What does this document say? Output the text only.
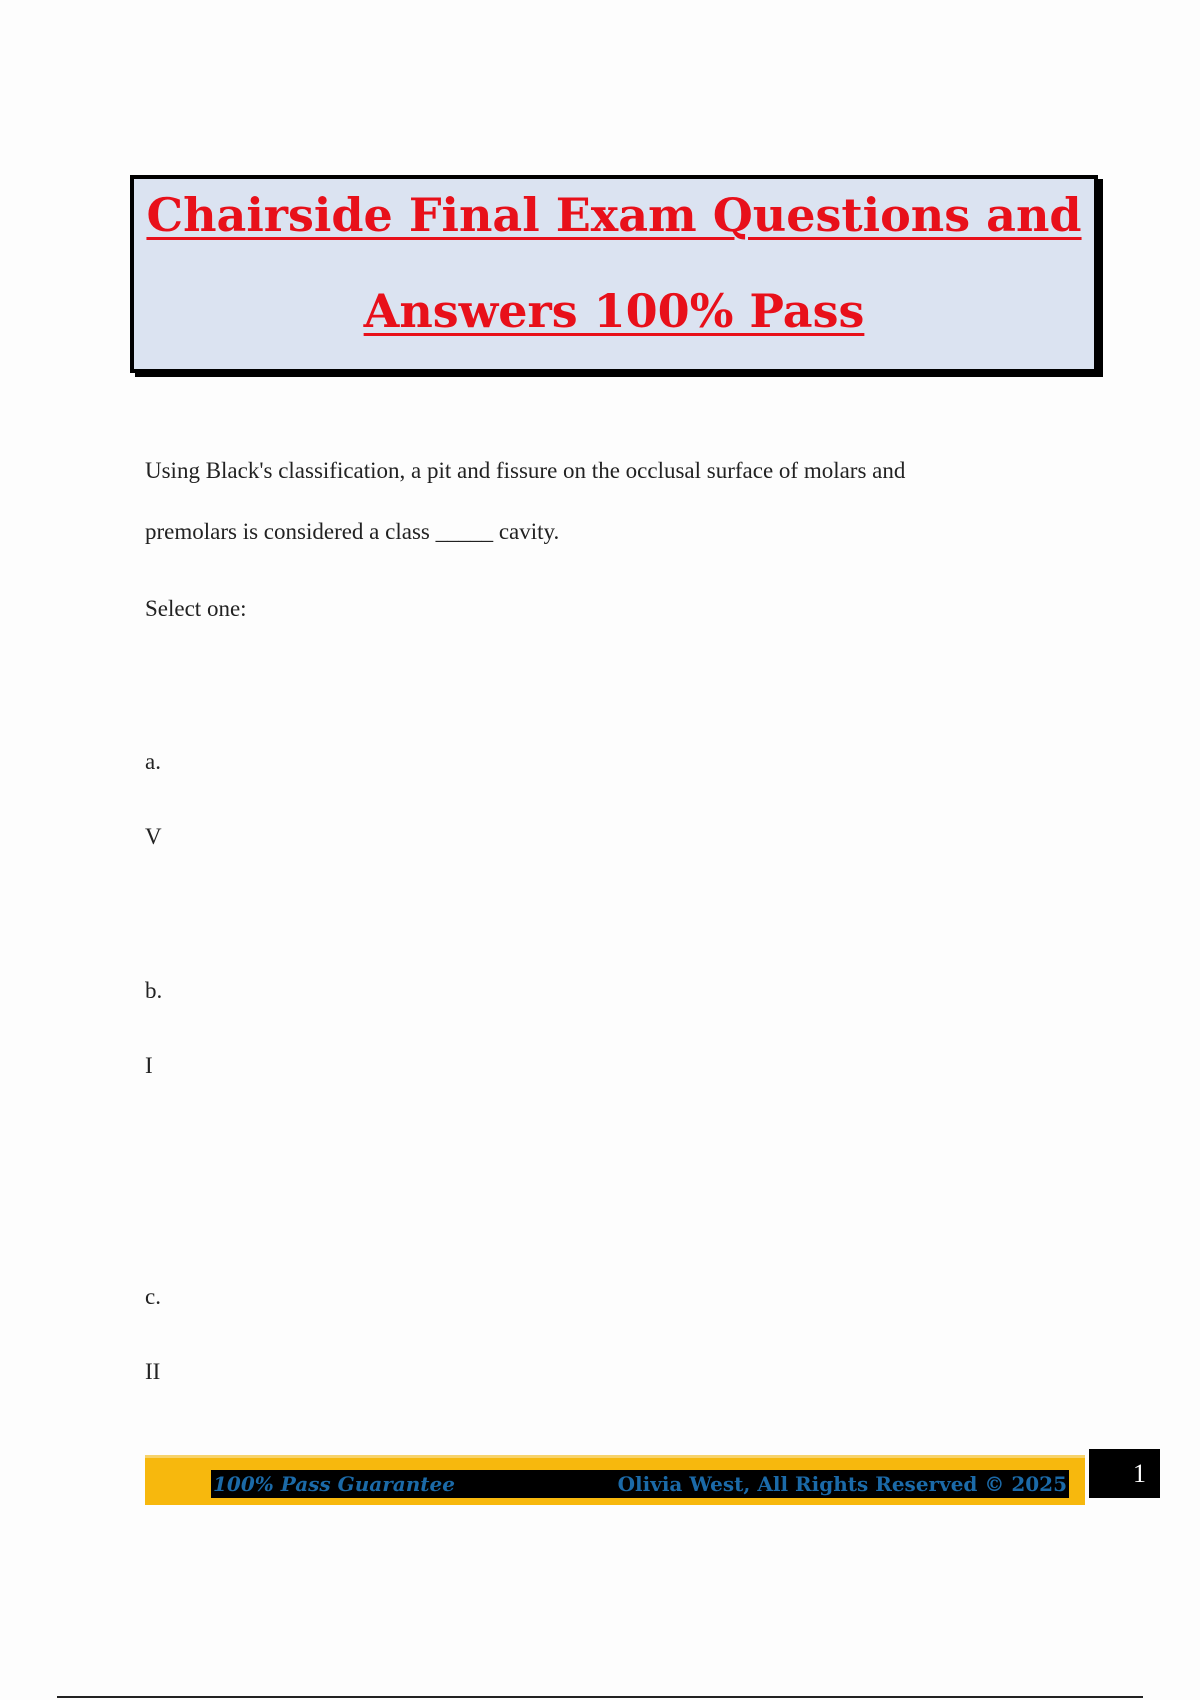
Chairside Final Exam Questions and
Answers 100% Pass
Using Black's classification, a pit and fissure on the occlusal surface of molars and
premolars is considered a class _____ cavity.
Select one:
a.
V
b.
I
c.
II
100% Pass Guarantee	Olivia West, All Rights Reserved © 2025	1
